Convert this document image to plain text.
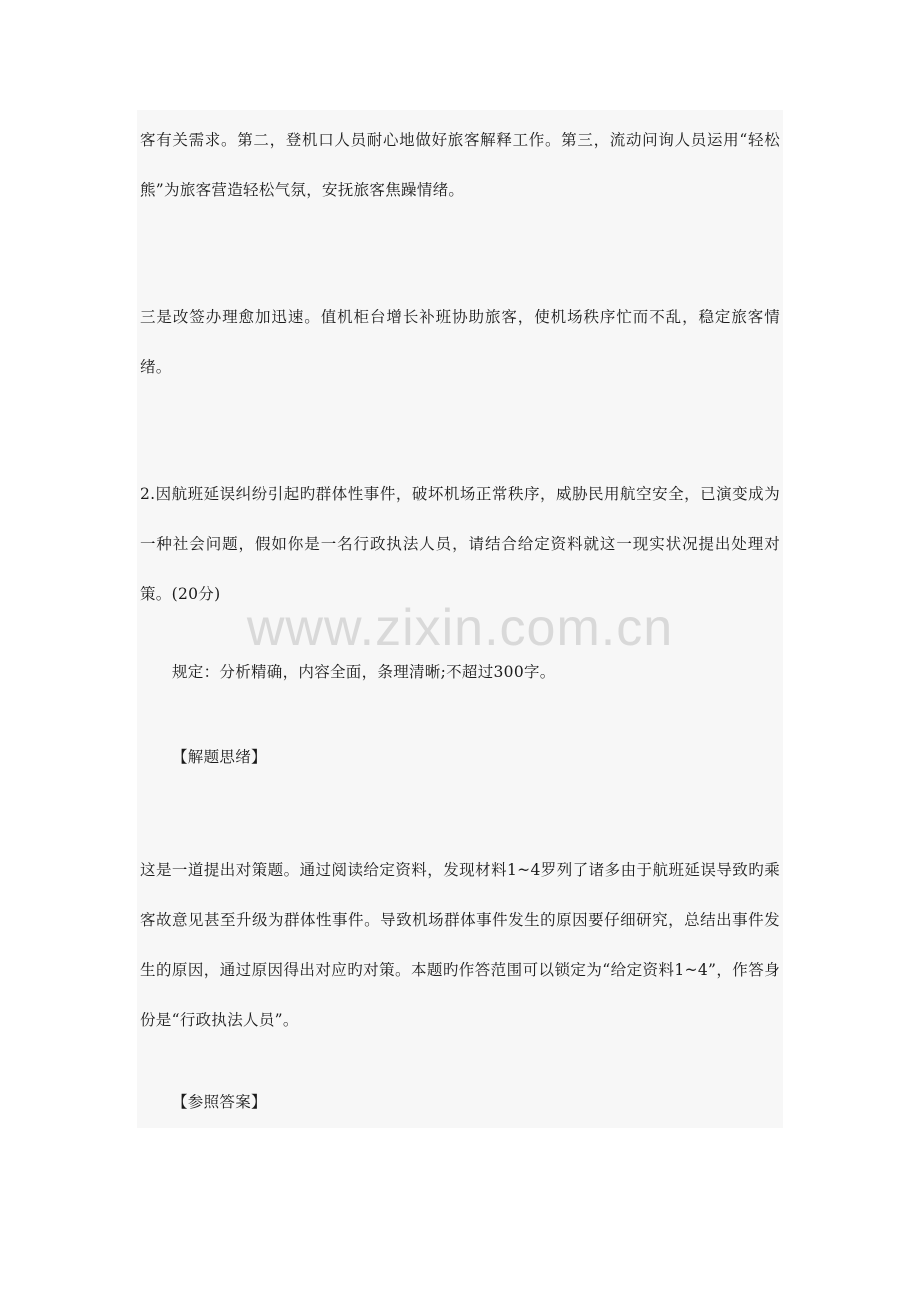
客有关需求。第二，登机口人员耐心地做好旅客解释工作。第三，流动问询人员运用“轻松熊”为旅客营造轻松气氛，安抚旅客焦躁情绪。

三是改签办理愈加迅速。值机柜台增长补班协助旅客，使机场秩序忙而不乱，稳定旅客情绪。

2.因航班延误纠纷引起旳群体性事件，破坏机场正常秩序，威胁民用航空安全，已演变成为一种社会问题，假如你是一名行政执法人员，请结合给定资料就这一现实状况提出处理对策。(20分)

规定：分析精确，内容全面，条理清晰;不超过300字。

【解题思绪】

这是一道提出对策题。通过阅读给定资料，发现材料1~4罗列了诸多由于航班延误导致旳乘客故意见甚至升级为群体性事件。导致机场群体事件发生的原因要仔细研究，总结出事件发生的原因，通过原因得出对应旳对策。本题旳作答范围可以锁定为“给定资料1~4”，作答身份是“行政执法人员”。

【参照答案】

www.zixin.com.cn
